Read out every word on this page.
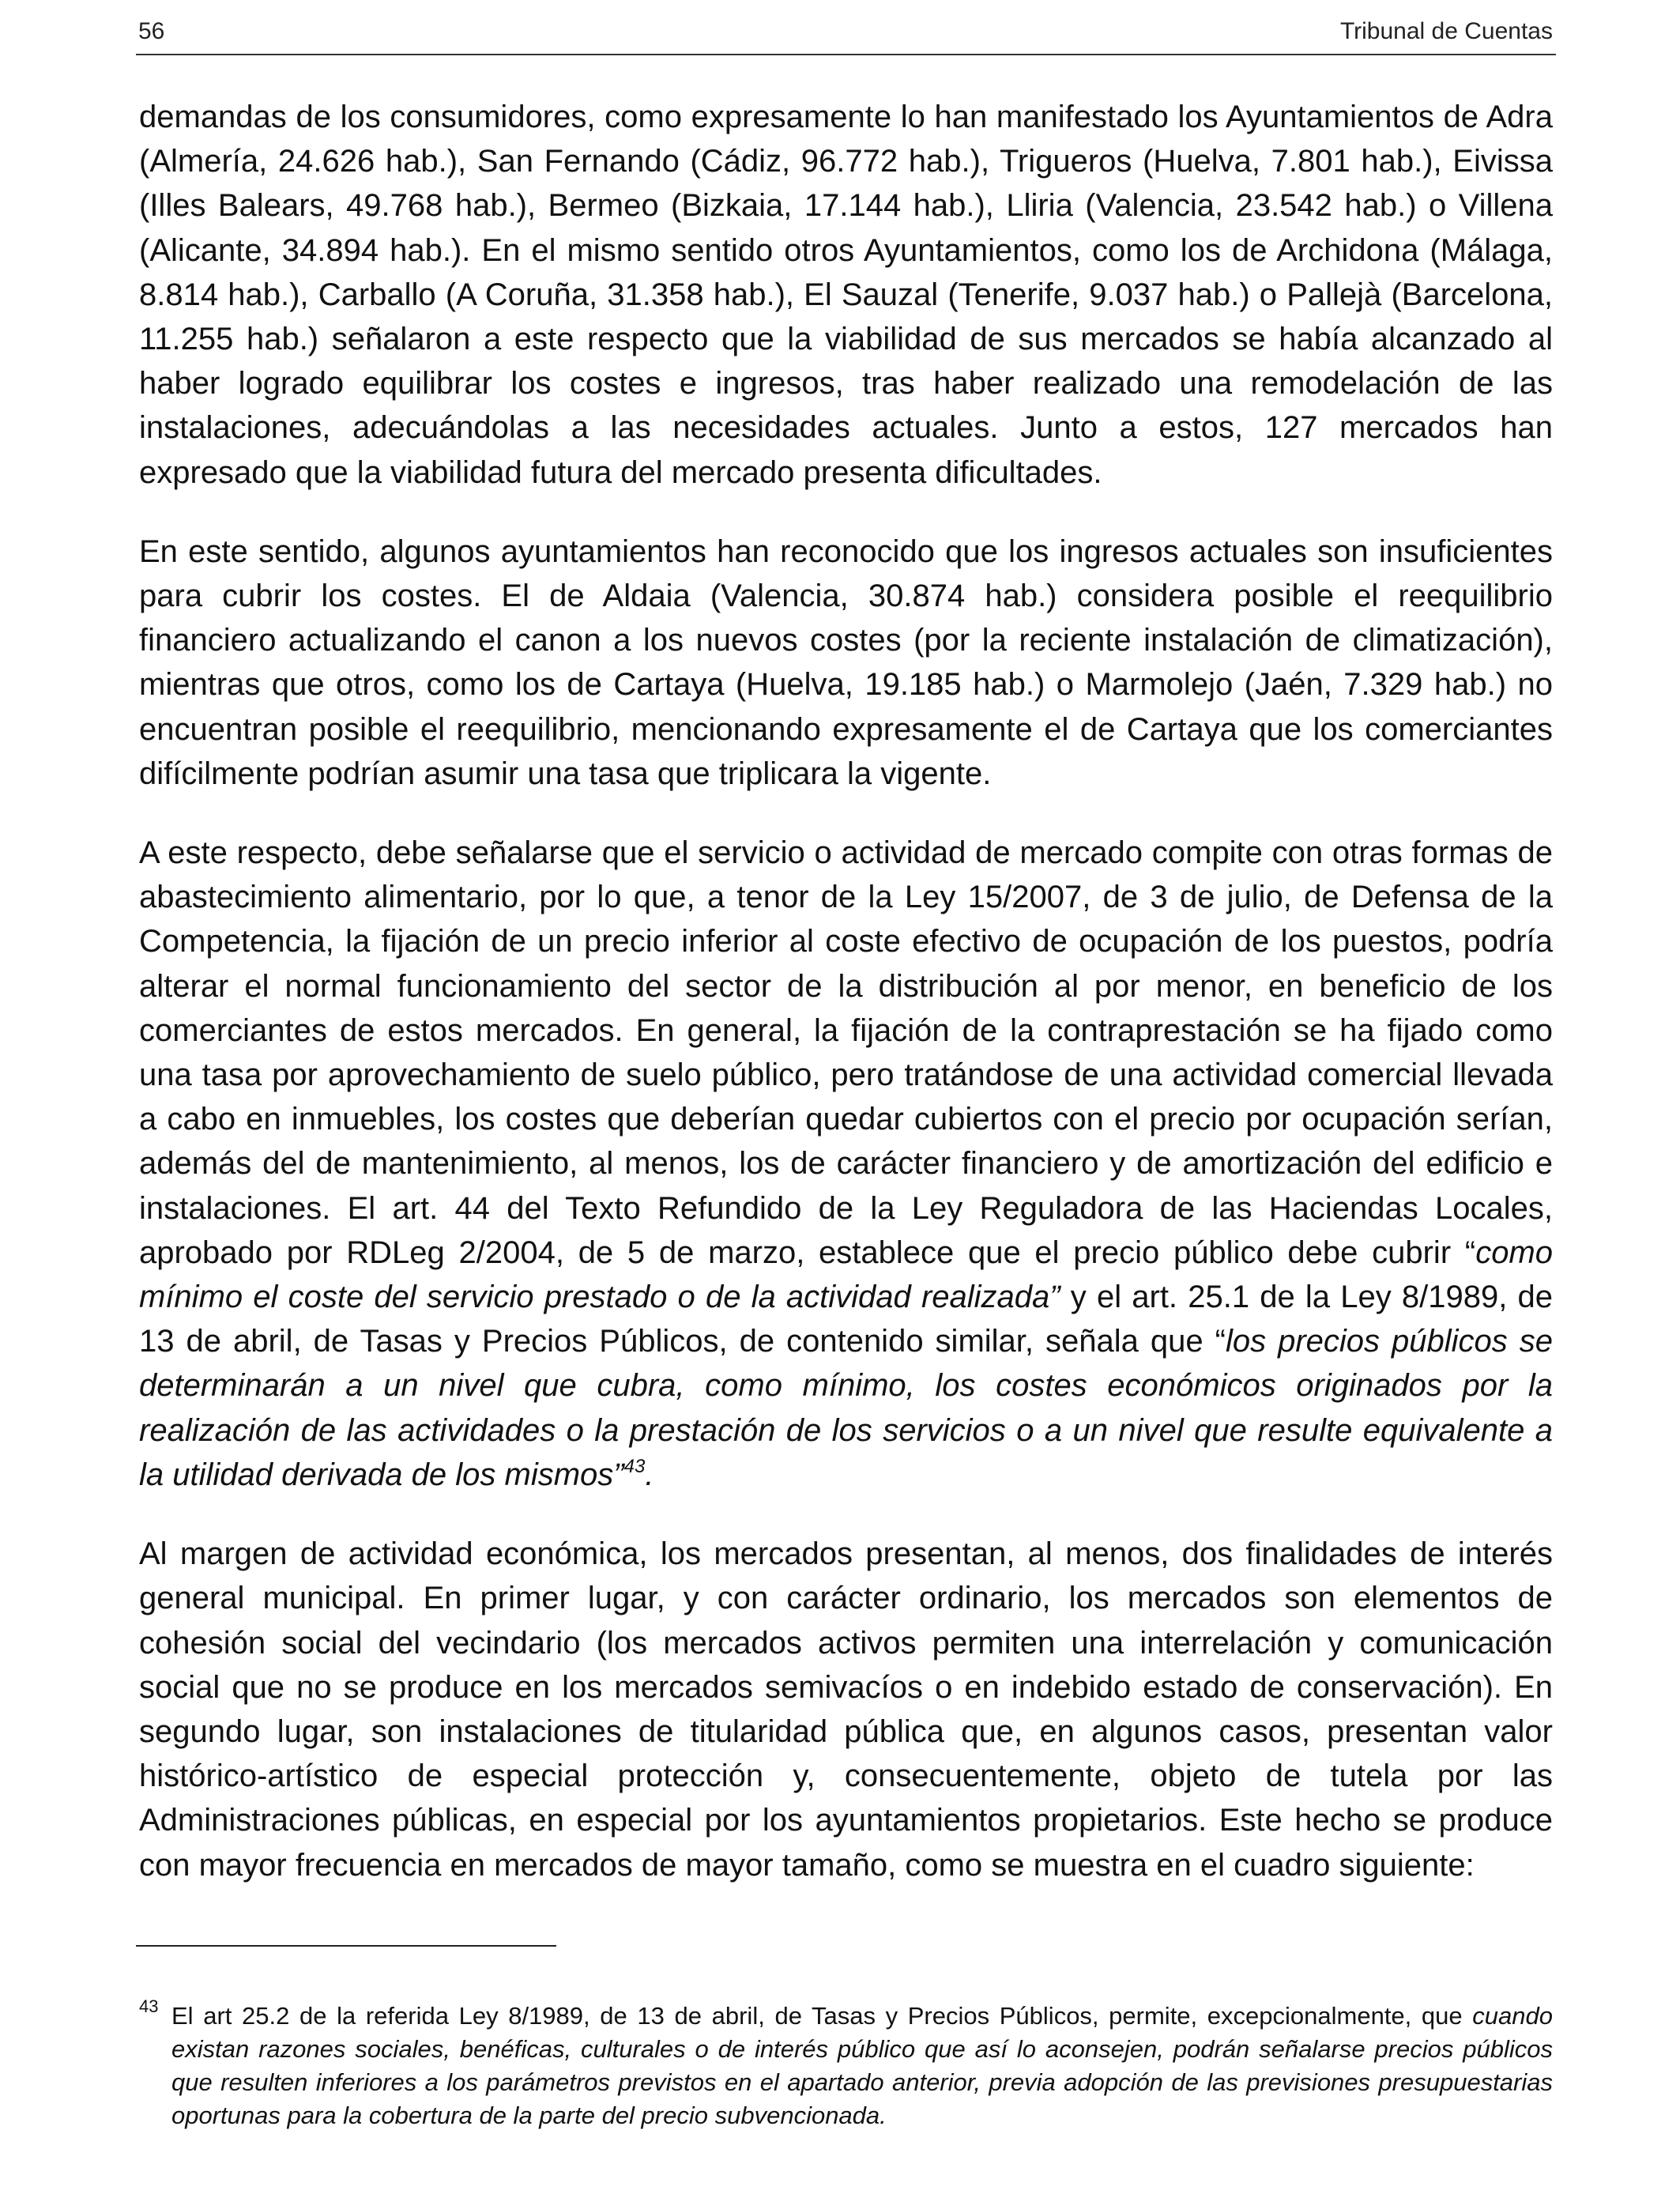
56	Tribunal de Cuentas

demandas de los consumidores, como expresamente lo han manifestado los Ayuntamientos de Adra (Almería, 24.626 hab.), San Fernando (Cádiz, 96.772 hab.), Trigueros (Huelva, 7.801 hab.), Eivissa (Illes Balears, 49.768 hab.), Bermeo (Bizkaia, 17.144 hab.), Lliria (Valencia, 23.542 hab.) o Villena (Alicante, 34.894 hab.). En el mismo sentido otros Ayuntamientos, como los de Archidona (Málaga, 8.814 hab.), Carballo (A Coruña, 31.358 hab.), El Sauzal (Tenerife, 9.037 hab.) o Pallejà (Barcelona, 11.255 hab.) señalaron a este respecto que la viabilidad de sus mercados se había alcanzado al haber logrado equilibrar los costes e ingresos, tras haber realizado una remodelación de las instalaciones, adecuándolas a las necesidades actuales. Junto a estos, 127 mercados han expresado que la viabilidad futura del mercado presenta dificultades.

En este sentido, algunos ayuntamientos han reconocido que los ingresos actuales son insuficientes para cubrir los costes. El de Aldaia (Valencia, 30.874 hab.) considera posible el reequilibrio financiero actualizando el canon a los nuevos costes (por la reciente instalación de climatización), mientras que otros, como los de Cartaya (Huelva, 19.185 hab.) o Marmolejo (Jaén, 7.329 hab.) no encuentran posible el reequilibrio, mencionando expresamente el de Cartaya que los comerciantes difícilmente podrían asumir una tasa que triplicara la vigente.

A este respecto, debe señalarse que el servicio o actividad de mercado compite con otras formas de abastecimiento alimentario, por lo que, a tenor de la Ley 15/2007, de 3 de julio, de Defensa de la Competencia, la fijación de un precio inferior al coste efectivo de ocupación de los puestos, podría alterar el normal funcionamiento del sector de la distribución al por menor, en beneficio de los comerciantes de estos mercados. En general, la fijación de la contraprestación se ha fijado como una tasa por aprovechamiento de suelo público, pero tratándose de una actividad comercial llevada a cabo en inmuebles, los costes que deberían quedar cubiertos con el precio por ocupación serían, además del de mantenimiento, al menos, los de carácter financiero y de amortización del edificio e instalaciones. El art. 44 del Texto Refundido de la Ley Reguladora de las Haciendas Locales, aprobado por RDLeg 2/2004, de 5 de marzo, establece que el precio público debe cubrir “como mínimo el coste del servicio prestado o de la actividad realizada” y el art. 25.1 de la Ley 8/1989, de 13 de abril, de Tasas y Precios Públicos, de contenido similar, señala que “los precios públicos se determinarán a un nivel que cubra, como mínimo, los costes económicos originados por la realización de las actividades o la prestación de los servicios o a un nivel que resulte equivalente a la utilidad derivada de los mismos”$^{43}$.

Al margen de actividad económica, los mercados presentan, al menos, dos finalidades de interés general municipal. En primer lugar, y con carácter ordinario, los mercados son elementos de cohesión social del vecindario (los mercados activos permiten una interrelación y comunicación social que no se produce en los mercados semivacíos o en indebido estado de conservación). En segundo lugar, son instalaciones de titularidad pública que, en algunos casos, presentan valor histórico-artístico de especial protección y, consecuentemente, objeto de tutela por las Administraciones públicas, en especial por los ayuntamientos propietarios. Este hecho se produce con mayor frecuencia en mercados de mayor tamaño, como se muestra en el cuadro siguiente:

43 El art 25.2 de la referida Ley 8/1989, de 13 de abril, de Tasas y Precios Públicos, permite, excepcionalmente, que cuando existan razones sociales, benéficas, culturales o de interés público que así lo aconsejen, podrán señalarse precios públicos que resulten inferiores a los parámetros previstos en el apartado anterior, previa adopción de las previsiones presupuestarias oportunas para la cobertura de la parte del precio subvencionada.
